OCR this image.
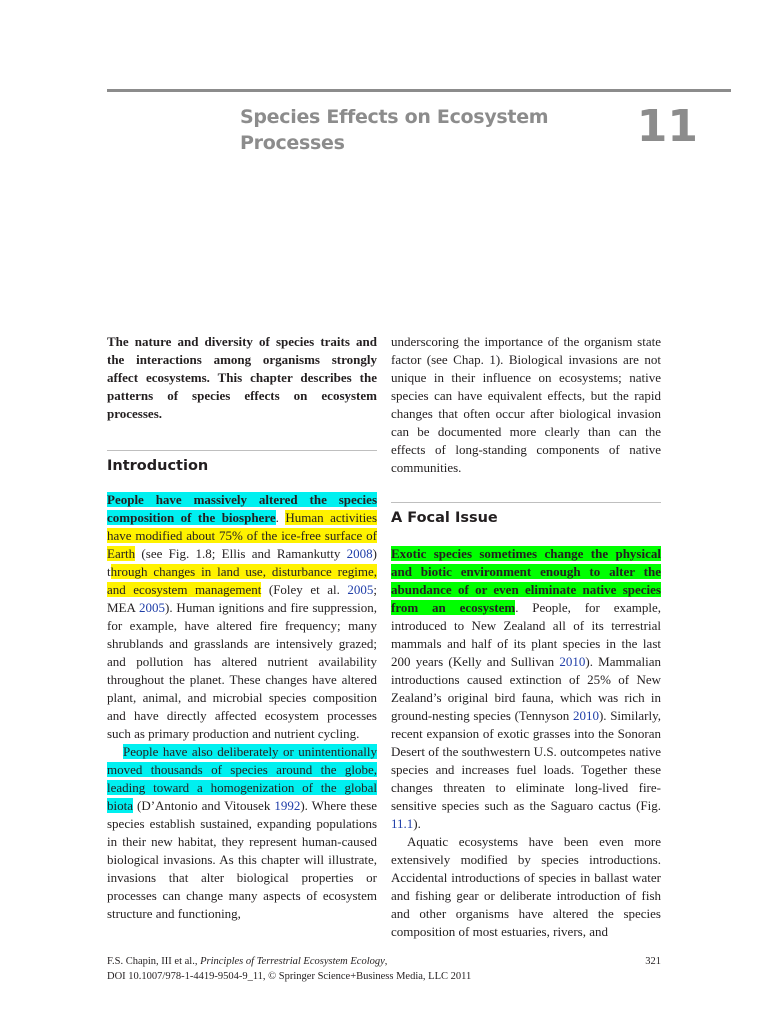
Species Effects on Ecosystem
Processes	11
The nature and diversity of species traits and the interactions among organisms strongly affect ecosystems. This chapter describes the patterns of species effects on ecosystem processes.
Introduction

People have massively altered the species composition of the biosphere. Human activities have modified about 75% of the ice-free surface of Earth (see Fig. 1.8; Ellis and Ramankutty 2008) through changes in land use, disturbance regime, and ecosystem management (Foley et al. 2005; MEA 2005). Human ignitions and fire suppression, for example, have altered fire frequency; many shrublands and grasslands are intensively grazed; and pollution has altered nutrient availability throughout the planet. These changes have altered plant, animal, and microbial species composition and have directly affected ecosystem processes such as primary production and nutrient cycling.

People have also deliberately or unintentionally moved thousands of species around the globe, leading toward a homogenization of the global biota (D’Antonio and Vitousek 1992). Where these species establish sustained, expanding populations in their new habitat, they represent human-caused biological invasions. As this chapter will illustrate, invasions that alter biological properties or processes can change many aspects of ecosystem structure and functioning,

underscoring the importance of the organism state factor (see Chap. 1). Biological invasions are not unique in their influence on ecosystems; native species can have equivalent effects, but the rapid changes that often occur after biological invasion can be documented more clearly than can the effects of long-standing components of native communities.
A Focal Issue

Exotic species sometimes change the physical and biotic environment enough to alter the abundance of or even eliminate native species from an ecosystem. People, for example, introduced to New Zealand all of its terrestrial mammals and half of its plant species in the last 200 years (Kelly and Sullivan 2010). Mammalian introductions caused extinction of 25% of New Zealand’s original bird fauna, which was rich in ground-nesting species (Tennyson 2010). Similarly, recent expansion of exotic grasses into the Sonoran Desert of the southwestern U.S. outcompetes native species and increases fuel loads. Together these changes threaten to eliminate long-lived fire-sensitive species such as the Saguaro cactus (Fig. 11.1).

Aquatic ecosystems have been even more extensively modified by species introductions. Accidental introductions of species in ballast water and fishing gear or deliberate introduction of fish and other organisms have altered the species composition of most estuaries, rivers, and

F.S. Chapin, III et al., Principles of Terrestrial Ecosystem Ecology,
DOI 10.1007/978-1-4419-9504-9_11, © Springer Science+Business Media, LLC 2011
321
